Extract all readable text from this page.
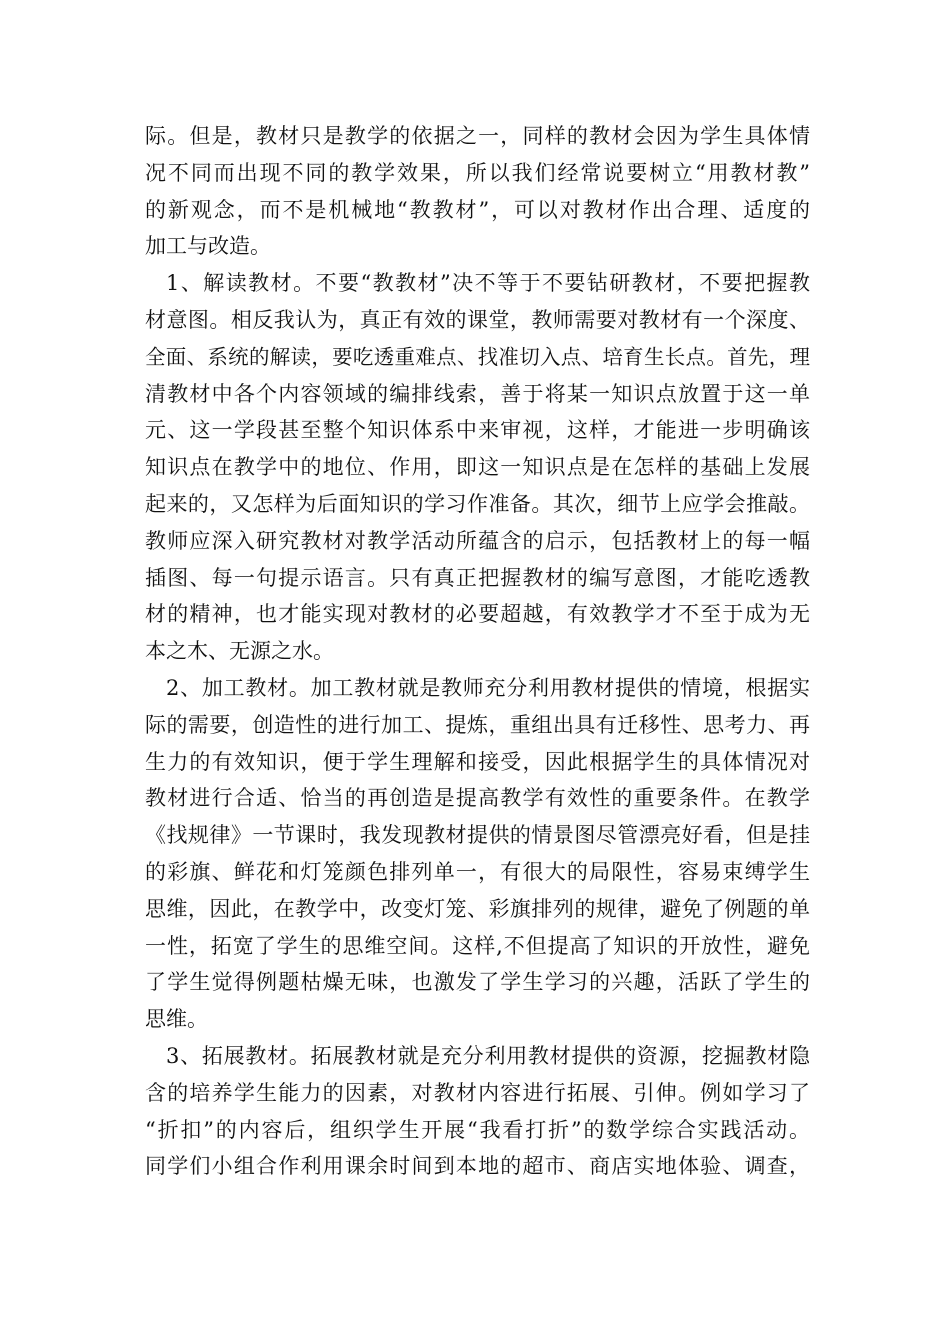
际。但是，教材只是教学的依据之一，同样的教材会因为学生具体情
况不同而出现不同的教学效果，所以我们经常说要树立“用教材教”
的新观念，而不是机械地“教教材”，可以对教材作出合理、适度的
加工与改造。
1、解读教材。不要“教教材”决不等于不要钻研教材，不要把握教
材意图。相反我认为，真正有效的课堂，教师需要对教材有一个深度、
全面、系统的解读，要吃透重难点、找准切入点、培育生长点。首先，理
清教材中各个内容领域的编排线索，善于将某一知识点放置于这一单
元、这一学段甚至整个知识体系中来审视，这样，才能进一步明确该
知识点在教学中的地位、作用，即这一知识点是在怎样的基础上发展
起来的，又怎样为后面知识的学习作准备。其次，细节上应学会推敲。
教师应深入研究教材对教学活动所蕴含的启示，包括教材上的每一幅
插图、每一句提示语言。只有真正把握教材的编写意图，才能吃透教
材的精神，也才能实现对教材的必要超越，有效教学才不至于成为无
本之木、无源之水。
2、加工教材。加工教材就是教师充分利用教材提供的情境，根据实
际的需要，创造性的进行加工、提炼，重组出具有迁移性、思考力、再
生力的有效知识，便于学生理解和接受，因此根据学生的具体情况对
教材进行合适、恰当的再创造是提高教学有效性的重要条件。在教学
《找规律》一节课时，我发现教材提供的情景图尽管漂亮好看，但是挂
的彩旗、鲜花和灯笼颜色排列单一，有很大的局限性，容易束缚学生
思维，因此，在教学中，改变灯笼、彩旗排列的规律，避免了例题的单
一性，拓宽了学生的思维空间。这样,不但提高了知识的开放性，避免
了学生觉得例题枯燥无味，也激发了学生学习的兴趣，活跃了学生的
思维。
3、拓展教材。拓展教材就是充分利用教材提供的资源，挖掘教材隐
含的培养学生能力的因素，对教材内容进行拓展、引伸。例如学习了
“折扣”的内容后，组织学生开展“我看打折”的数学综合实践活动。
同学们小组合作利用课余时间到本地的超市、商店实地体验、调查，
